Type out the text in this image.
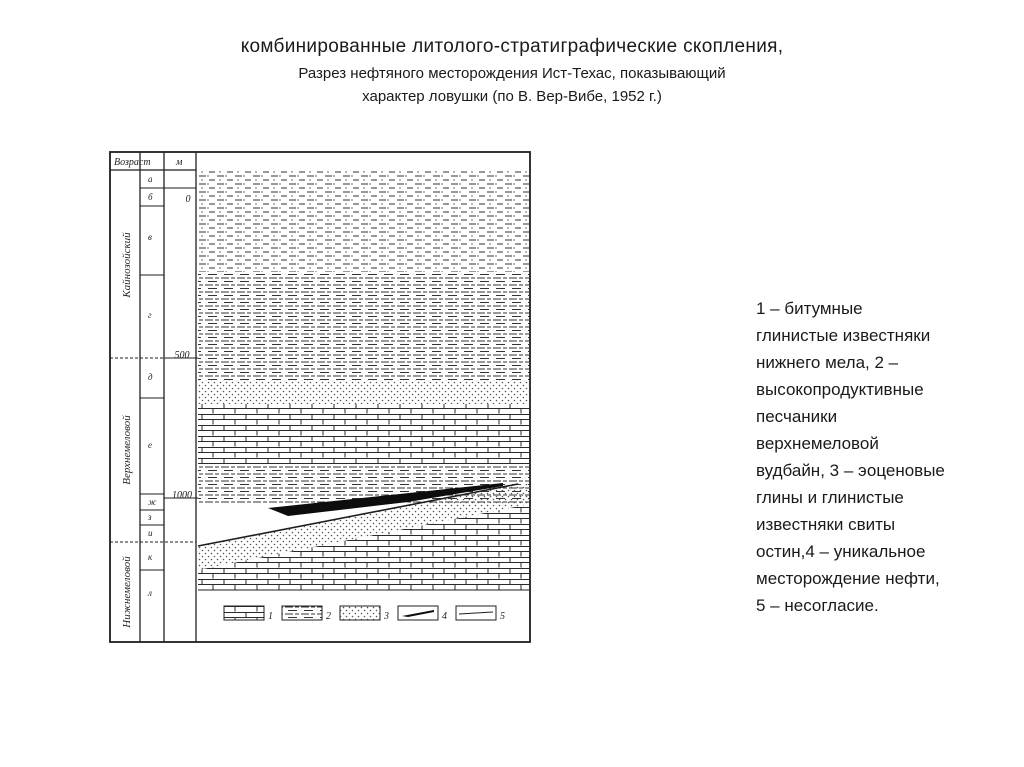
комбинированные литолого-стратиграфические скопления,
Разрез нефтяного месторождения Ист-Техас, показывающий
характер ловушки (по В. Вер-Вибе, 1952 г.)
Возраст	м
Кайнозойский
Верхнемеловой
Нижнемеловой
а
б
в
г
д
е
ж
з
и
к
л
0
500
1000
1	2	3	4	5
1 – битумные
глинистые известняки
нижнего мела, 2 –
высокопродуктивные
песчаники
верхнемеловой
вудбайн, 3 – эоценовые
глины и глинистые
известняки свиты
остин,4 – уникальное
месторождение нефти,
5 – несогласие.
